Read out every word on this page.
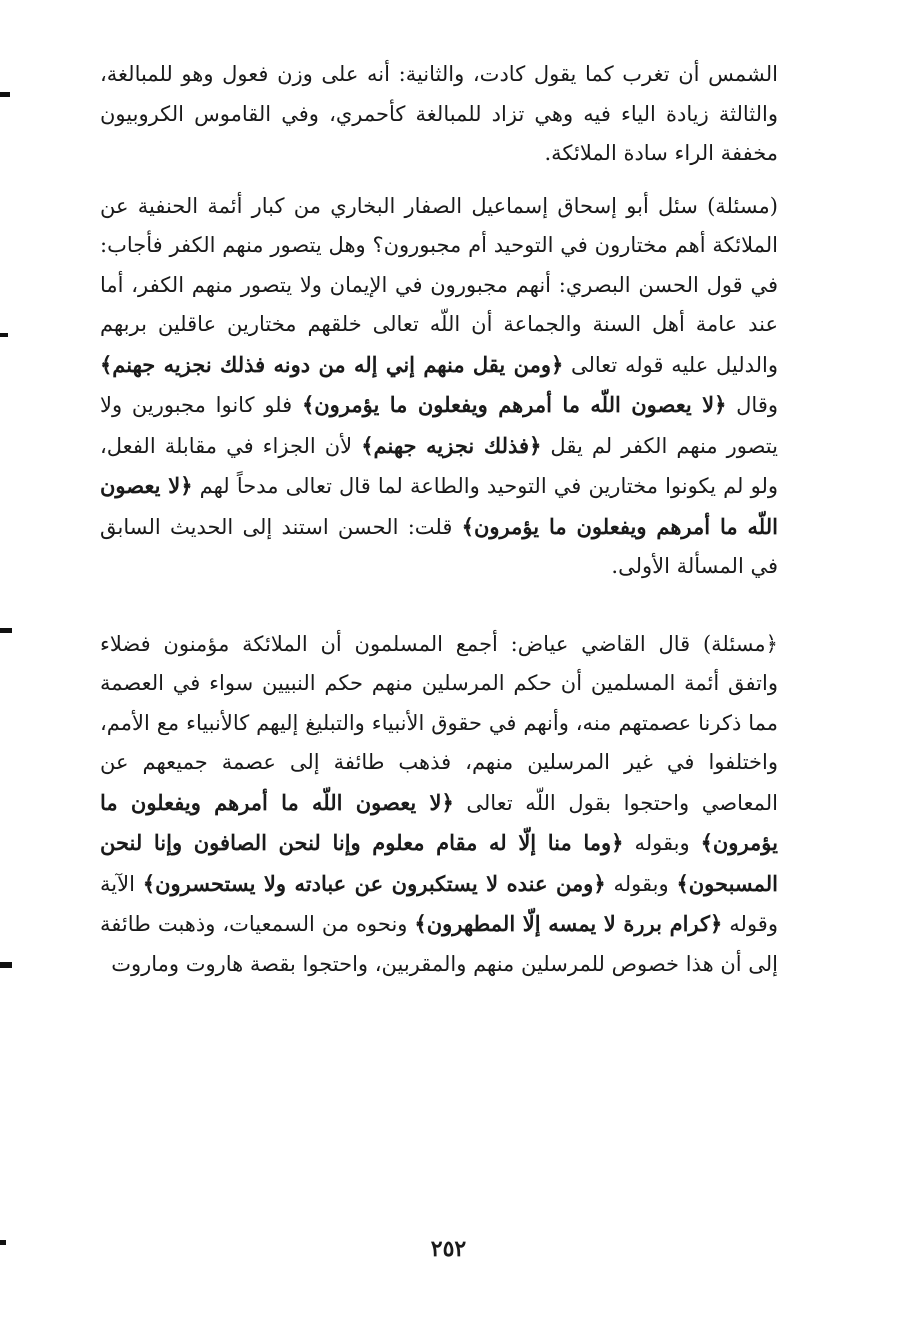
الشمس أن تغرب كما يقول كادت، والثانية: أنه على وزن فعول وهو للمبالغة، والثالثة زيادة الياء فيه وهي تزاد للمبالغة كأحمري، وفي القاموس الكروبيون مخففة الراء سادة الملائكة.

(مسئلة) سئل أبو إسحاق إسماعيل الصفار البخاري من كبار أئمة الحنفية عن الملائكة أهم مختارون في التوحيد أم مجبورون؟ وهل يتصور منهم الكفر فأجاب: في قول الحسن البصري: أنهم مجبورون في الإيمان ولا يتصور منهم الكفر، أما عند عامة أهل السنة والجماعة أن اللّه تعالى خلقهم مختارين عاقلين بربهم والدليل عليه قوله تعالى ﴿ومن يقل منهم إني إله من دونه فذلك نجزيه جهنم﴾ وقال ﴿لا يعصون اللّه ما أمرهم ويفعلون ما يؤمرون﴾ فلو كانوا مجبورين ولا يتصور منهم الكفر لم يقل ﴿فذلك نجزيه جهنم﴾ لأن الجزاء في مقابلة الفعل، ولو لم يكونوا مختارين في التوحيد والطاعة لما قال تعالى مدحاً لهم ﴿لا يعصون اللّه ما أمرهم ويفعلون ما يؤمرون﴾ قلت: الحسن استند إلى الحديث السابق في المسألة الأولى.

﴿مسئلة) قال القاضي عياض: أجمع المسلمون أن الملائكة مؤمنون فضلاء واتفق أئمة المسلمين أن حكم المرسلين منهم حكم النبيين سواء في العصمة مما ذكرنا عصمتهم منه، وأنهم في حقوق الأنبياء والتبليغ إليهم كالأنبياء مع الأمم، واختلفوا في غير المرسلين منهم، فذهب طائفة إلى عصمة جميعهم عن المعاصي واحتجوا بقول اللّه تعالى ﴿لا يعصون اللّه ما أمرهم ويفعلون ما يؤمرون﴾ وبقوله ﴿وما منا إلّا له مقام معلوم وإنا لنحن الصافون وإنا لنحن المسبحون﴾ وبقوله ﴿ومن عنده لا يستكبرون عن عبادته ولا يستحسرون﴾ الآية وقوله ﴿كرام بررة لا يمسه إلّا المطهرون﴾ ونحوه من السمعيات، وذهبت طائفة إلى أن هذا خصوص للمرسلين منهم والمقربين، واحتجوا بقصة هاروت وماروت

٢٥٢
